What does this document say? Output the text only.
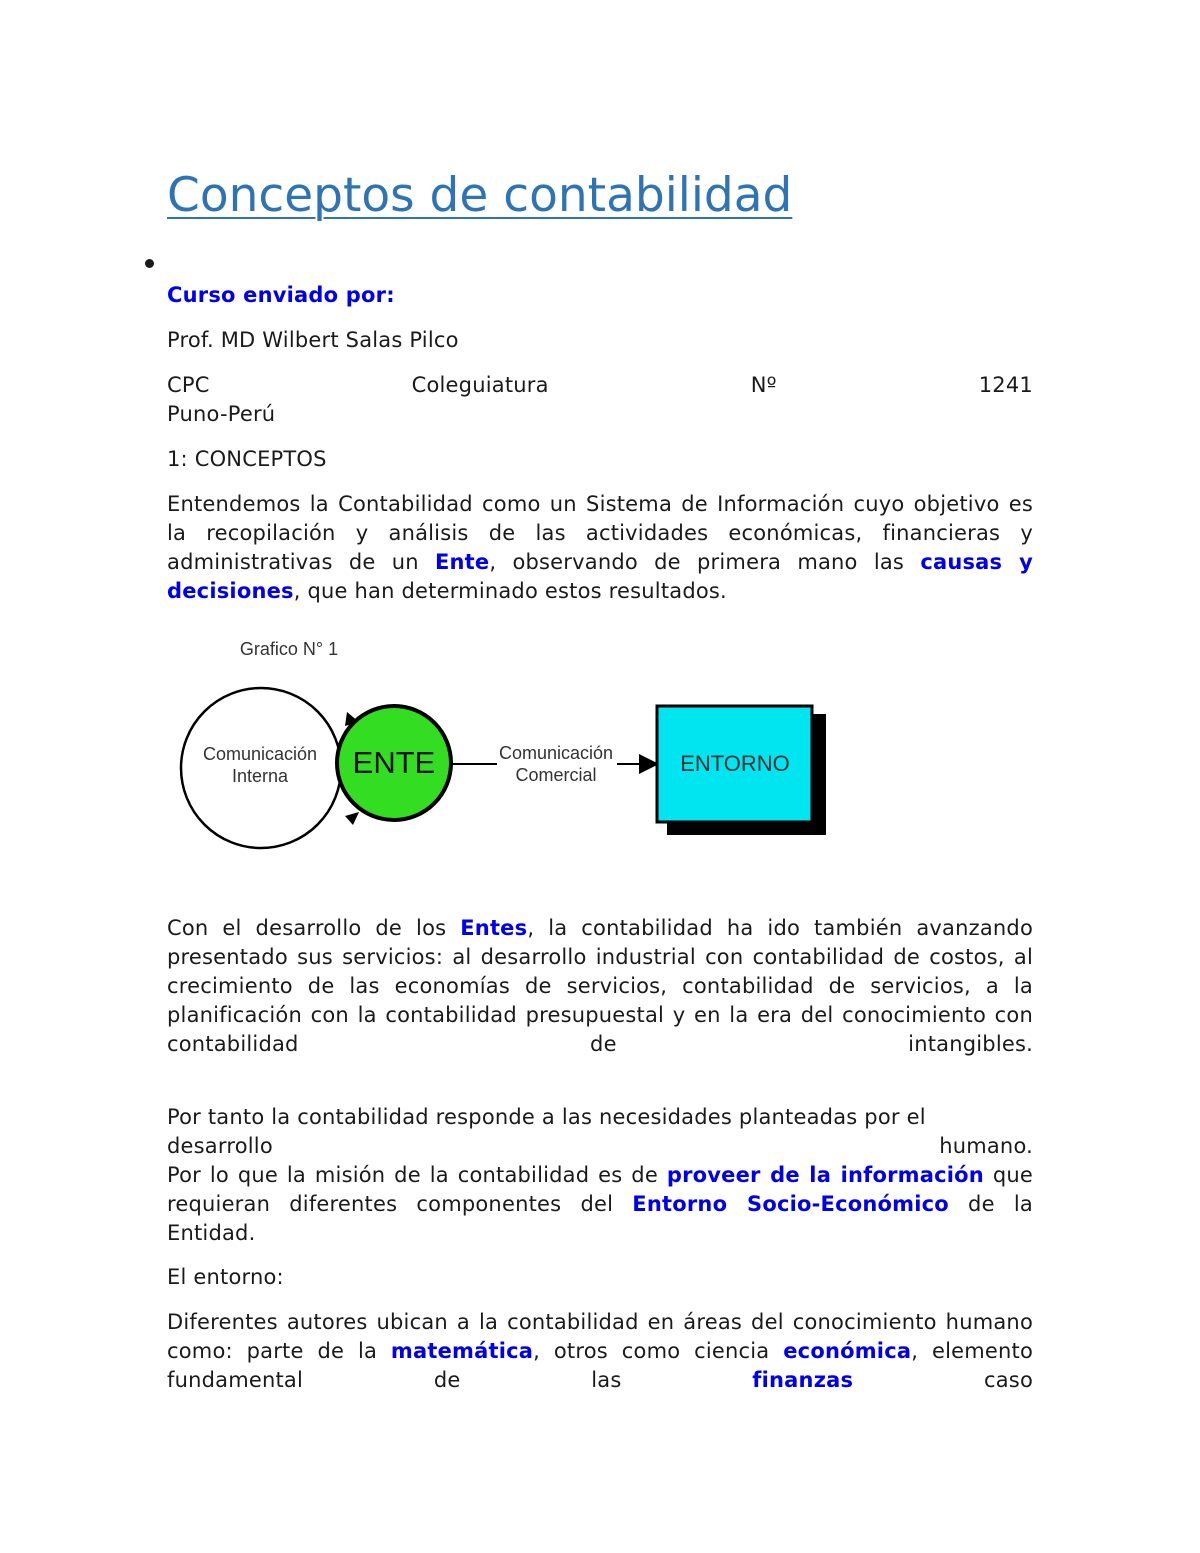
Conceptos de contabilidad

Curso enviado por:

Prof. MD Wilbert Salas Pilco

CPC	Coleguiatura	Nº	1241
Puno-Perú

1: CONCEPTOS

Entendemos la Contabilidad como un Sistema de Información cuyo objetivo es la recopilación y análisis de las actividades económicas, financieras y administrativas de un Ente, observando de primera mano las causas y decisiones, que han determinado estos resultados.

Grafico N° 1
Comunicación
Interna	ENTE	Comunicación
Comercial	ENTORNO

Con el desarrollo de los Entes, la contabilidad ha ido también avanzando presentado sus servicios: al desarrollo industrial con contabilidad de costos, al crecimiento de las economías de servicios, contabilidad de servicios, a la planificación con la contabilidad presupuestal y en la era del conocimiento con contabilidad de intangibles.

Por tanto la contabilidad responde a las necesidades planteadas por el
desarrollo	humano.
Por lo que la misión de la contabilidad es de proveer de la información que requieran diferentes componentes del Entorno Socio-Económico de la Entidad.

El entorno:

Diferentes autores ubican a la contabilidad en áreas del conocimiento humano como: parte de la matemática, otros como ciencia económica, elemento fundamental de las finanzas caso
